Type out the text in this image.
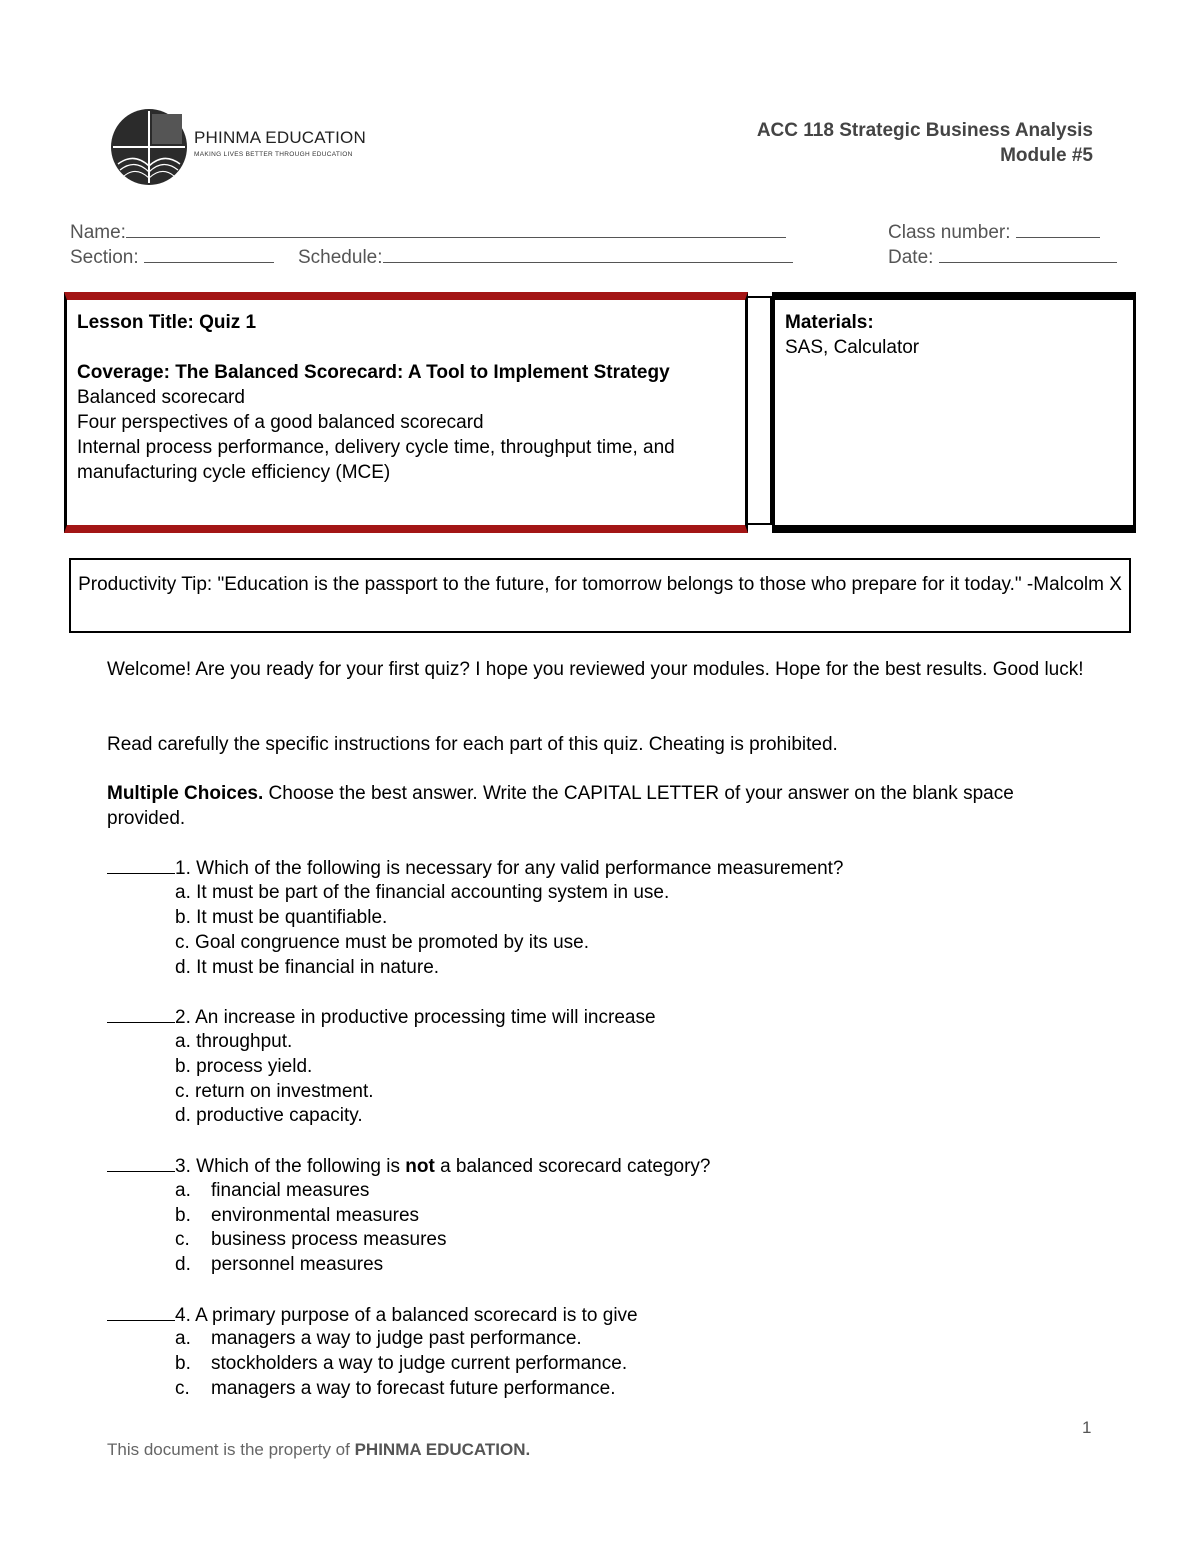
PHINMA EDUCATION
MAKING LIVES BETTER THROUGH EDUCATION
ACC 118 Strategic Business Analysis
Module #5
Name:	Class number:
Section:	Schedule:	Date:
Lesson Title: Quiz 1
Coverage: The Balanced Scorecard: A Tool to Implement Strategy
Balanced scorecard
Four perspectives of a good balanced scorecard
Internal process performance, delivery cycle time, throughput time, and manufacturing cycle efficiency (MCE)
Materials:
SAS, Calculator
Productivity Tip: "Education is the passport to the future, for tomorrow belongs to those who prepare for it today." -Malcolm X
Welcome! Are you ready for your first quiz? I hope you reviewed your modules. Hope for the best results. Good luck!
Read carefully the specific instructions for each part of this quiz. Cheating is prohibited.
Multiple Choices. Choose the best answer. Write the CAPITAL LETTER of your answer on the blank space provided.
1. Which of the following is necessary for any valid performance measurement?
a. It must be part of the financial accounting system in use.
b. It must be quantifiable.
c. Goal congruence must be promoted by its use.
d. It must be financial in nature.
2. An increase in productive processing time will increase
a. throughput.
b. process yield.
c. return on investment.
d. productive capacity.
3. Which of the following is not a balanced scorecard category?
a. financial measures
b. environmental measures
c. business process measures
d. personnel measures
4. A primary purpose of a balanced scorecard is to give
a. managers a way to judge past performance.
b. stockholders a way to judge current performance.
c. managers a way to forecast future performance.
1
This document is the property of PHINMA EDUCATION.
